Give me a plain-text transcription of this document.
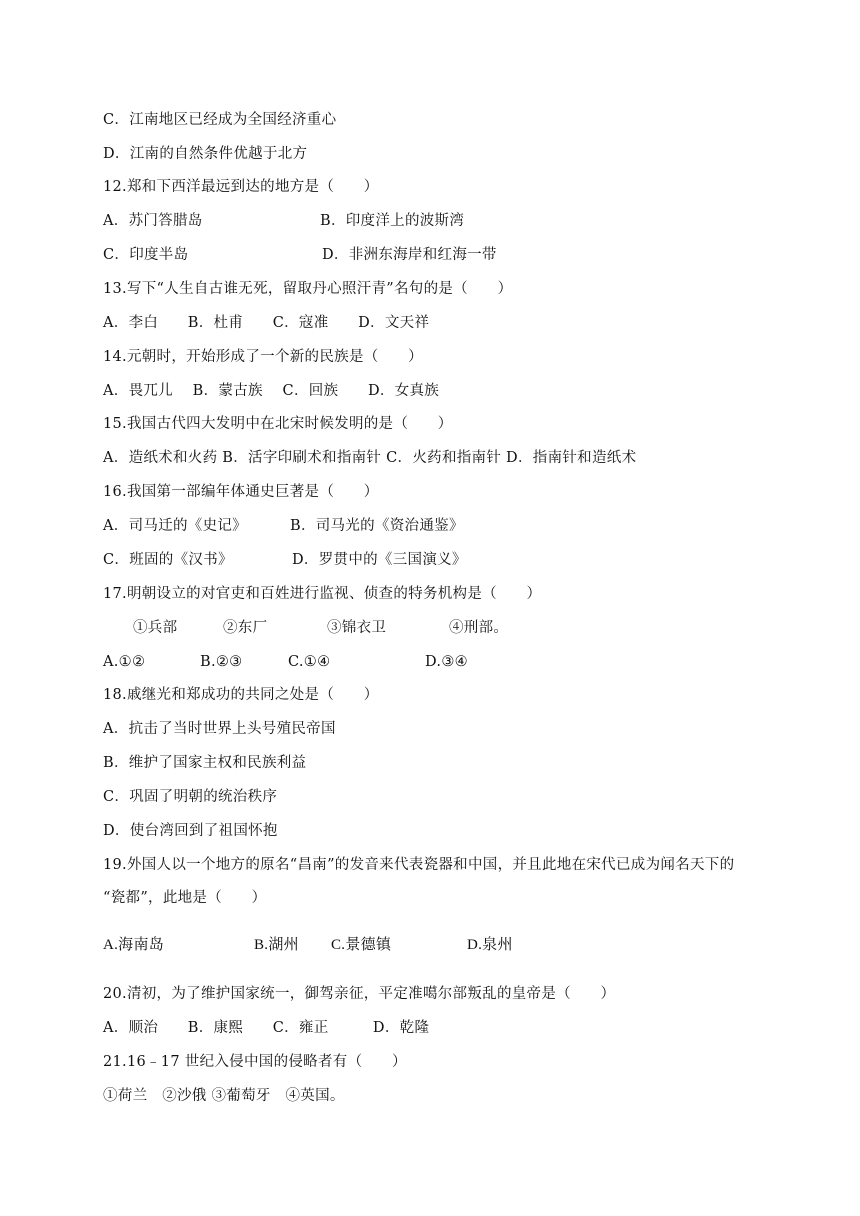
C．江南地区已经成为全国经济重心
D．江南的自然条件优越于北方
12.郑和下西洋最远到达的地方是（　　）
A．苏门答腊岛	B．印度洋上的波斯湾
C．印度半岛	D．非洲东海岸和红海一带
13.写下“人生自古谁无死，留取丹心照汗青”名句的是（　　）
A．李白　　B．杜甫　　C．寇准　　D．文天祥
14.元朝时，开始形成了一个新的民族是（　　）
A．畏兀儿　 B．蒙古族　 C．回族　　D．女真族
15.我国古代四大发明中在北宋时候发明的是（　　）
A．造纸术和火药 B．活字印刷术和指南针 C．火药和指南针 D．指南针和造纸术
16.我国第一部编年体通史巨著是（　　）
A．司马迁的《史记》	B．司马光的《资治通鉴》
C．班固的《汉书》	D．罗贯中的《三国演义》
17.明朝设立的对官吏和百姓进行监视、侦查的特务机构是（　　）
①兵部	②东厂	③锦衣卫	④刑部。
A.①②	B.②③	C.①④	D.③④
18.戚继光和郑成功的共同之处是（　　）
A．抗击了当时世界上头号殖民帝国
B．维护了国家主权和民族利益
C．巩固了明朝的统治秩序
D．使台湾回到了祖国怀抱
19.外国人以一个地方的原名“昌南”的发音来代表瓷器和中国，并且此地在宋代已成为闻名天下的
“瓷都”，此地是（　　）
A.海南岛	B.湖州 C.景德镇	D.泉州
20.清初，为了维护国家统一，御驾亲征，平定准噶尔部叛乱的皇帝是（　　）
A．顺治　　B．康熙　　C．雍正　　　D．乾隆
21.16﹣17 世纪入侵中国的侵略者有（　　）
①荷兰　②沙俄 ③葡萄牙　④英国。
